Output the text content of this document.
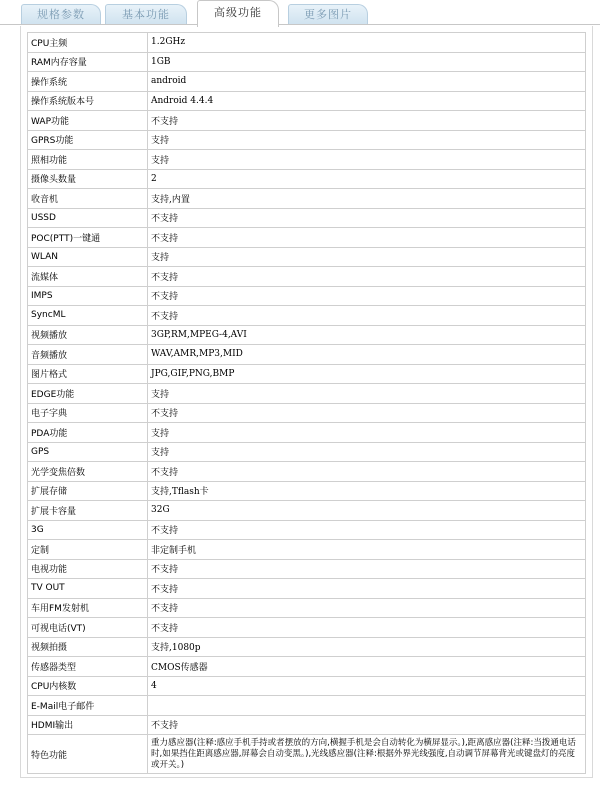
规格参数	基本功能	高级功能	更多图片
CPU主频	1.2GHz
RAM内存容量	1GB
操作系统	android
操作系统版本号	Android 4.4.4
WAP功能	不支持
GPRS功能	支持
照相功能	支持
摄像头数量	2
收音机	支持,内置
USSD	不支持
POC(PTT)一键通	不支持
WLAN	支持
流媒体	不支持
IMPS	不支持
SyncML	不支持
视频播放	3GP,RM,MPEG-4,AVI
音频播放	WAV,AMR,MP3,MID
图片格式	JPG,GIF,PNG,BMP
EDGE功能	支持
电子字典	不支持
PDA功能	支持
GPS	支持
光学变焦倍数	不支持
扩展存储	支持,Tflash卡
扩展卡容量	32G
3G	不支持
定制	非定制手机
电视功能	不支持
TV OUT	不支持
车用FM发射机	不支持
可视电话(VT)	不支持
视频拍摄	支持,1080p
传感器类型	CMOS传感器
CPU内核数	4
E-Mail电子邮件	
HDMI输出	不支持
特色功能	重力感应器(注释:感应手机手持或者摆放的方向,横握手机是会自动转化为横屏显示。),距离感应器(注释:当拨通电话时,如果挡住距离感应器,屏幕会自动变黑。),光线感应器(注释:根据外界光线强度,自动调节屏幕背光或键盘灯的亮度或开关。)
